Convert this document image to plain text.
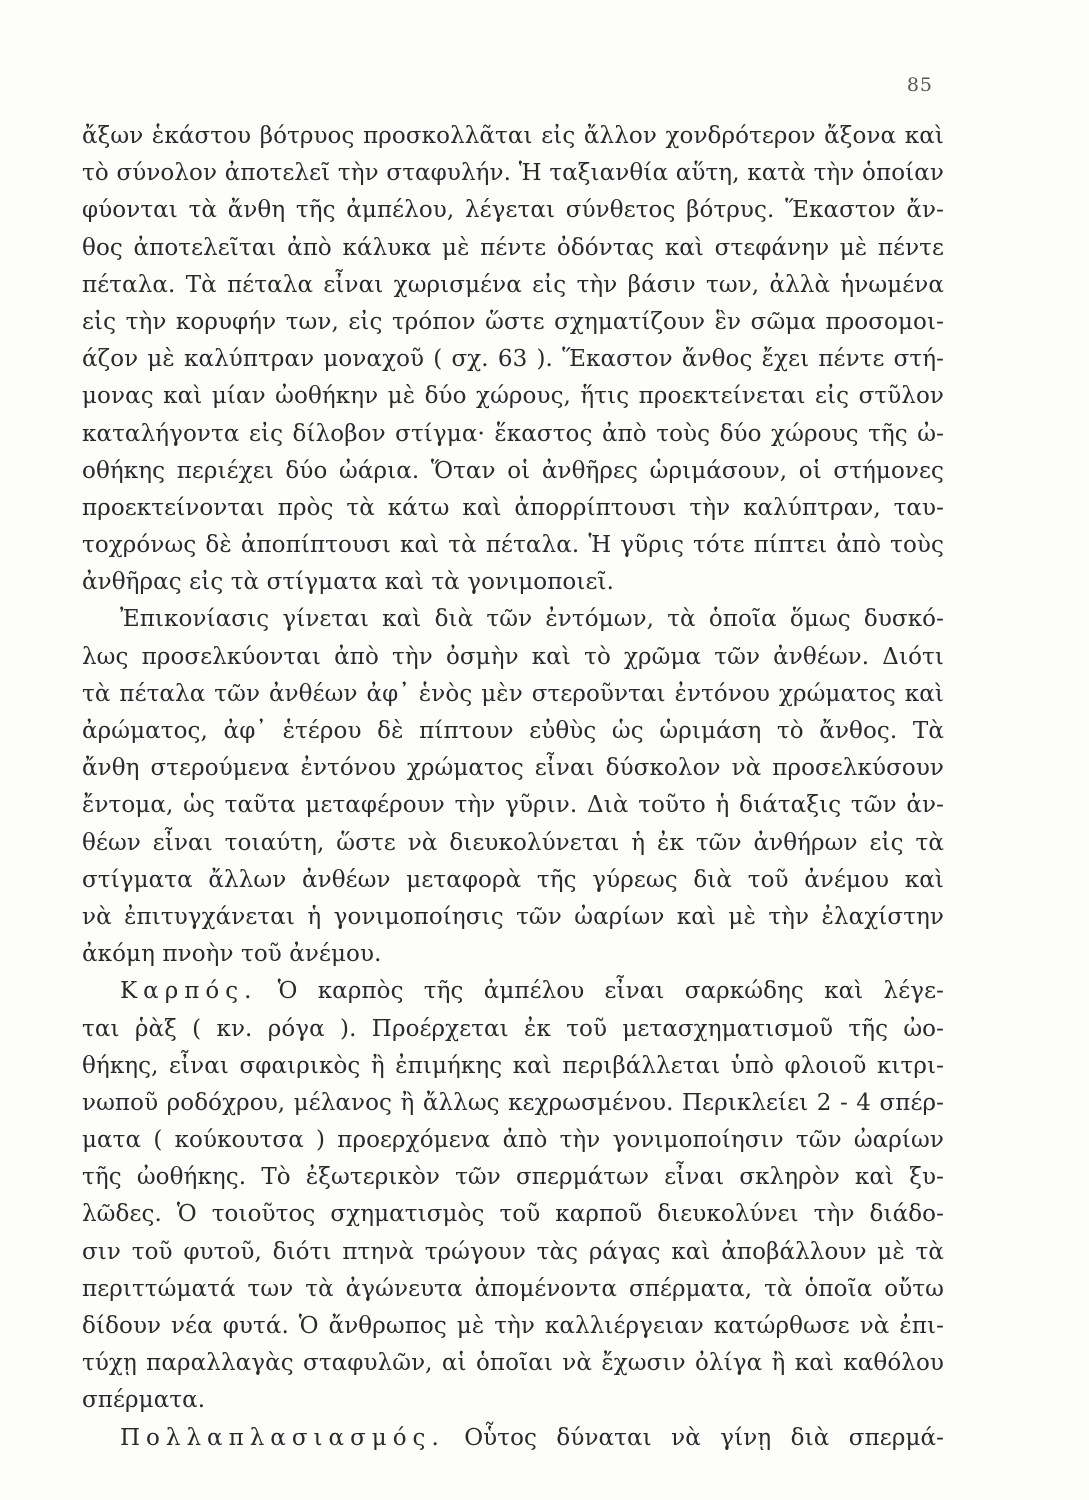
85
ἄξων ἑκάστου βότρυος προσκολλᾶται εἰς ἄλλον χονδρότερον ἄξονα καὶ
τὸ σύνολον ἀποτελεῖ τὴν σταφυλήν. Ἡ ταξιανθία αὕτη, κατὰ τὴν ὁποίαν
φύονται τὰ ἄνθη τῆς ἀμπέλου, λέγεται σύνθετος βότρυς. Ἕκαστον ἄν-
θος ἀποτελεῖται ἀπὸ κάλυκα μὲ πέντε ὀδόντας καὶ στεφάνην μὲ πέντε
πέταλα. Τὰ πέταλα εἶναι χωρισμένα εἰς τὴν βάσιν των, ἀλλὰ ἡνωμένα
εἰς τὴν κορυφήν των, εἰς τρόπον ὥστε σχηματίζουν ἓν σῶμα προσομοι-
άζον μὲ καλύπτραν μοναχοῦ ( σχ. 63 ). Ἕκαστον ἄνθος ἔχει πέντε στή-
μονας καὶ μίαν ὠοθήκην μὲ δύο χώρους, ἥτις προεκτείνεται εἰς στῦλον
καταλήγοντα εἰς δίλοβον στίγμα· ἕκαστος ἀπὸ τοὺς δύο χώρους τῆς ὠ-
οθήκης περιέχει δύο ὠάρια. Ὅταν οἱ ἀνθῆρες ὡριμάσουν, οἱ στήμονες
προεκτείνονται πρὸς τὰ κάτω καὶ ἀπορρίπτουσι τὴν καλύπτραν, ταυ-
τοχρόνως δὲ ἀποπίπτουσι καὶ τὰ πέταλα. Ἡ γῦρις τότε πίπτει ἀπὸ τοὺς
ἀνθῆρας εἰς τὰ στίγματα καὶ τὰ γονιμοποιεῖ.
Ἐπικονίασις γίνεται καὶ διὰ τῶν ἐντόμων, τὰ ὁποῖα ὅμως δυσκό-
λως προσελκύονται ἀπὸ τὴν ὀσμὴν καὶ τὸ χρῶμα τῶν ἀνθέων. Διότι
τὰ πέταλα τῶν ἀνθέων ἀφ᾽ ἑνὸς μὲν στεροῦνται ἐντόνου χρώματος καὶ
ἀρώματος, ἀφ᾽ ἑτέρου δὲ πίπτουν εὐθὺς ὡς ὡριμάση τὸ ἄνθος. Τὰ
ἄνθη στερούμενα ἐντόνου χρώματος εἶναι δύσκολον νὰ προσελκύσουν
ἔντομα, ὡς ταῦτα μεταφέρουν τὴν γῦριν. Διὰ τοῦτο ἡ διάταξις τῶν ἀν-
θέων εἶναι τοιαύτη, ὥστε νὰ διευκολύνεται ἡ ἐκ τῶν ἀνθήρων εἰς τὰ
στίγματα ἄλλων ἀνθέων μεταφορὰ τῆς γύρεως διὰ τοῦ ἀνέμου καὶ
νὰ ἐπιτυγχάνεται ἡ γονιμοποίησις τῶν ὠαρίων καὶ μὲ τὴν ἐλαχίστην
ἀκόμη πνοὴν τοῦ ἀνέμου.
Καρπός. Ὁ καρπὸς τῆς ἀμπέλου εἶναι σαρκώδης καὶ λέγε-
ται ῥὰξ ( κν. ρόγα ). Προέρχεται ἐκ τοῦ μετασχηματισμοῦ τῆς ὠο-
θήκης, εἶναι σφαιρικὸς ἢ ἐπιμήκης καὶ περιβάλλεται ὑπὸ φλοιοῦ κιτρι-
νωποῦ ροδόχρου, μέλανος ἢ ἄλλως κεχρωσμένου. Περικλείει 2 - 4 σπέρ-
ματα ( κούκουτσα ) προερχόμενα ἀπὸ τὴν γονιμοποίησιν τῶν ὠαρίων
τῆς ὠοθήκης. Τὸ ἐξωτερικὸν τῶν σπερμάτων εἶναι σκληρὸν καὶ ξυ-
λῶδες. Ὁ τοιοῦτος σχηματισμὸς τοῦ καρποῦ διευκολύνει τὴν διάδο-
σιν τοῦ φυτοῦ, διότι πτηνὰ τρώγουν τὰς ράγας καὶ ἀποβάλλουν μὲ τὰ
περιττώματά των τὰ ἀγώνευτα ἀπομένοντα σπέρματα, τὰ ὁποῖα οὔτω
δίδουν νέα φυτά. Ὁ ἄνθρωπος μὲ τὴν καλλιέργειαν κατώρθωσε νὰ ἐπι-
τύχῃ παραλλαγὰς σταφυλῶν, αἱ ὁποῖαι νὰ ἔχωσιν ὀλίγα ἢ καὶ καθόλου
σπέρματα.
Πολλαπλασιασμός. Οὗτος δύναται νὰ γίνῃ διὰ σπερμά-
